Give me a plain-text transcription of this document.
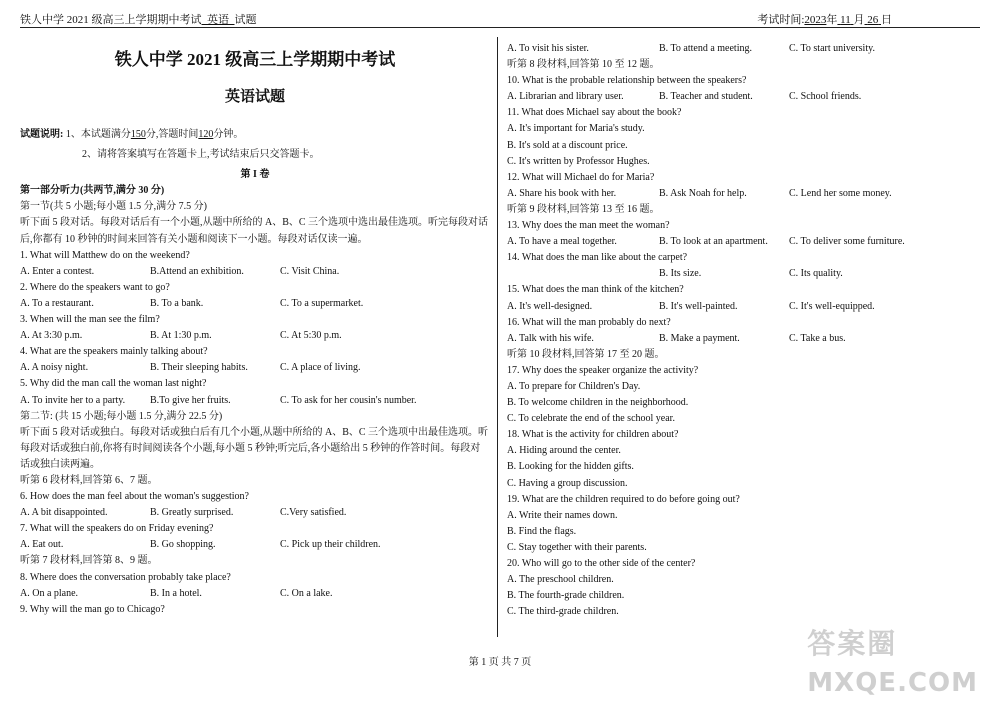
铁人中学 2021 级高三上学期期中考试 英语 试题	考试时间:2023年 11 月 26 日
铁人中学 2021 级高三上学期期中考试
英语试题
试题说明: 1、本试题满分150分,答题时间120分钟。
2、请将答案填写在答题卡上,考试结束后只交答题卡。
第 I 卷
第一部分听力(共两节,满分 30 分)
第一节(共 5 小题;每小题 1.5 分,满分 7.5 分)
听下面 5 段对话。每段对话后有一个小题,从题中所给的 A、B、C 三个选项中选出最佳选项。听完每段对话后,你都有 10 秒钟的时间来回答有关小题和阅读下一小题。每段对话仅读一遍。
1. What will Matthew do on the weekend?
A. Enter a contest.	B.Attend an exhibition.	C. Visit China.
2. Where do the speakers want to go?
A. To a restaurant.	B. To a bank.	C. To a supermarket.
3. When will the man see the film?
A. At 3:30 p.m.	B. At 1:30 p.m.	C. At 5:30 p.m.
4. What are the speakers mainly talking about?
A. A noisy night.	B. Their sleeping habits.	C. A place of living.
5. Why did the man call the woman last night?
A. To invite her to a party.	B.To give her fruits.	C. To ask for her cousin's number.
第二节: (共 15 小题;每小题 1.5 分,满分 22.5 分)
听下面 5 段对话或独白。每段对话或独白后有几个小题,从题中所给的 A、B、C 三个选项中出最佳选项。听每段对话或独白前,你将有时间阅读各个小题,每小题 5 秒钟;听完后,各小题给出 5 秒钟的作答时间。每段对话或独白读两遍。
听第 6 段材料,回答第 6、7 题。
6. How does the man feel about the woman's suggestion?
A. A bit disappointed.	B. Greatly surprised.	C.Very satisfied.
7. What will the speakers do on Friday evening?
A. Eat out.	B. Go shopping.	C. Pick up their children.
听第 7 段材料,回答第 8、9 题。
8. Where does the conversation probably take place?
A. On a plane.	B. In a hotel.	C. On a lake.
9. Why will the man go to Chicago?
A. To visit his sister.	B. To attend a meeting.	C. To start university.
听第 8 段材料,回答第 10 至 12 题。
10. What is the probable relationship between the speakers?
A. Librarian and library user.	B. Teacher and student.	C. School friends.
11. What does Michael say about the book?
A. It's important for Maria's study.
B. It's sold at a discount price.
C. It's written by Professor Hughes.
12. What will Michael do for Maria?
A. Share his book with her.	B. Ask Noah for help.	C. Lend her some money.
听第 9 段材料,回答第 13 至 16 题。
13. Why does the man meet the woman?
A. To have a meal together.	B. To look at an apartment.	C. To deliver some furniture.
14. What does the man like about the carpet?
B. Its size.	C. Its quality.
15. What does the man think of the kitchen?
A. It's well-designed.	B. It's well-painted.	C. It's well-equipped.
16. What will the man probably do next?
A. Talk with his wife.	B. Make a payment.	C. Take a bus.
听第 10 段材料,回答第 17 至 20 题。
17. Why does the speaker organize the activity?
A. To prepare for Children's Day.
B. To welcome children in the neighborhood.
C. To celebrate the end of the school year.
18. What is the activity for children about?
A. Hiding around the center.
B. Looking for the hidden gifts.
C. Having a group discussion.
19. What are the children required to do before going out?
A. Write their names down.
B. Find the flags.
C. Stay together with their parents.
20. Who will go to the other side of the center?
A. The preschool children.
B. The fourth-grade children.
C. The third-grade children.
第 1 页 共 7 页
答案圈
MXQE.COM
